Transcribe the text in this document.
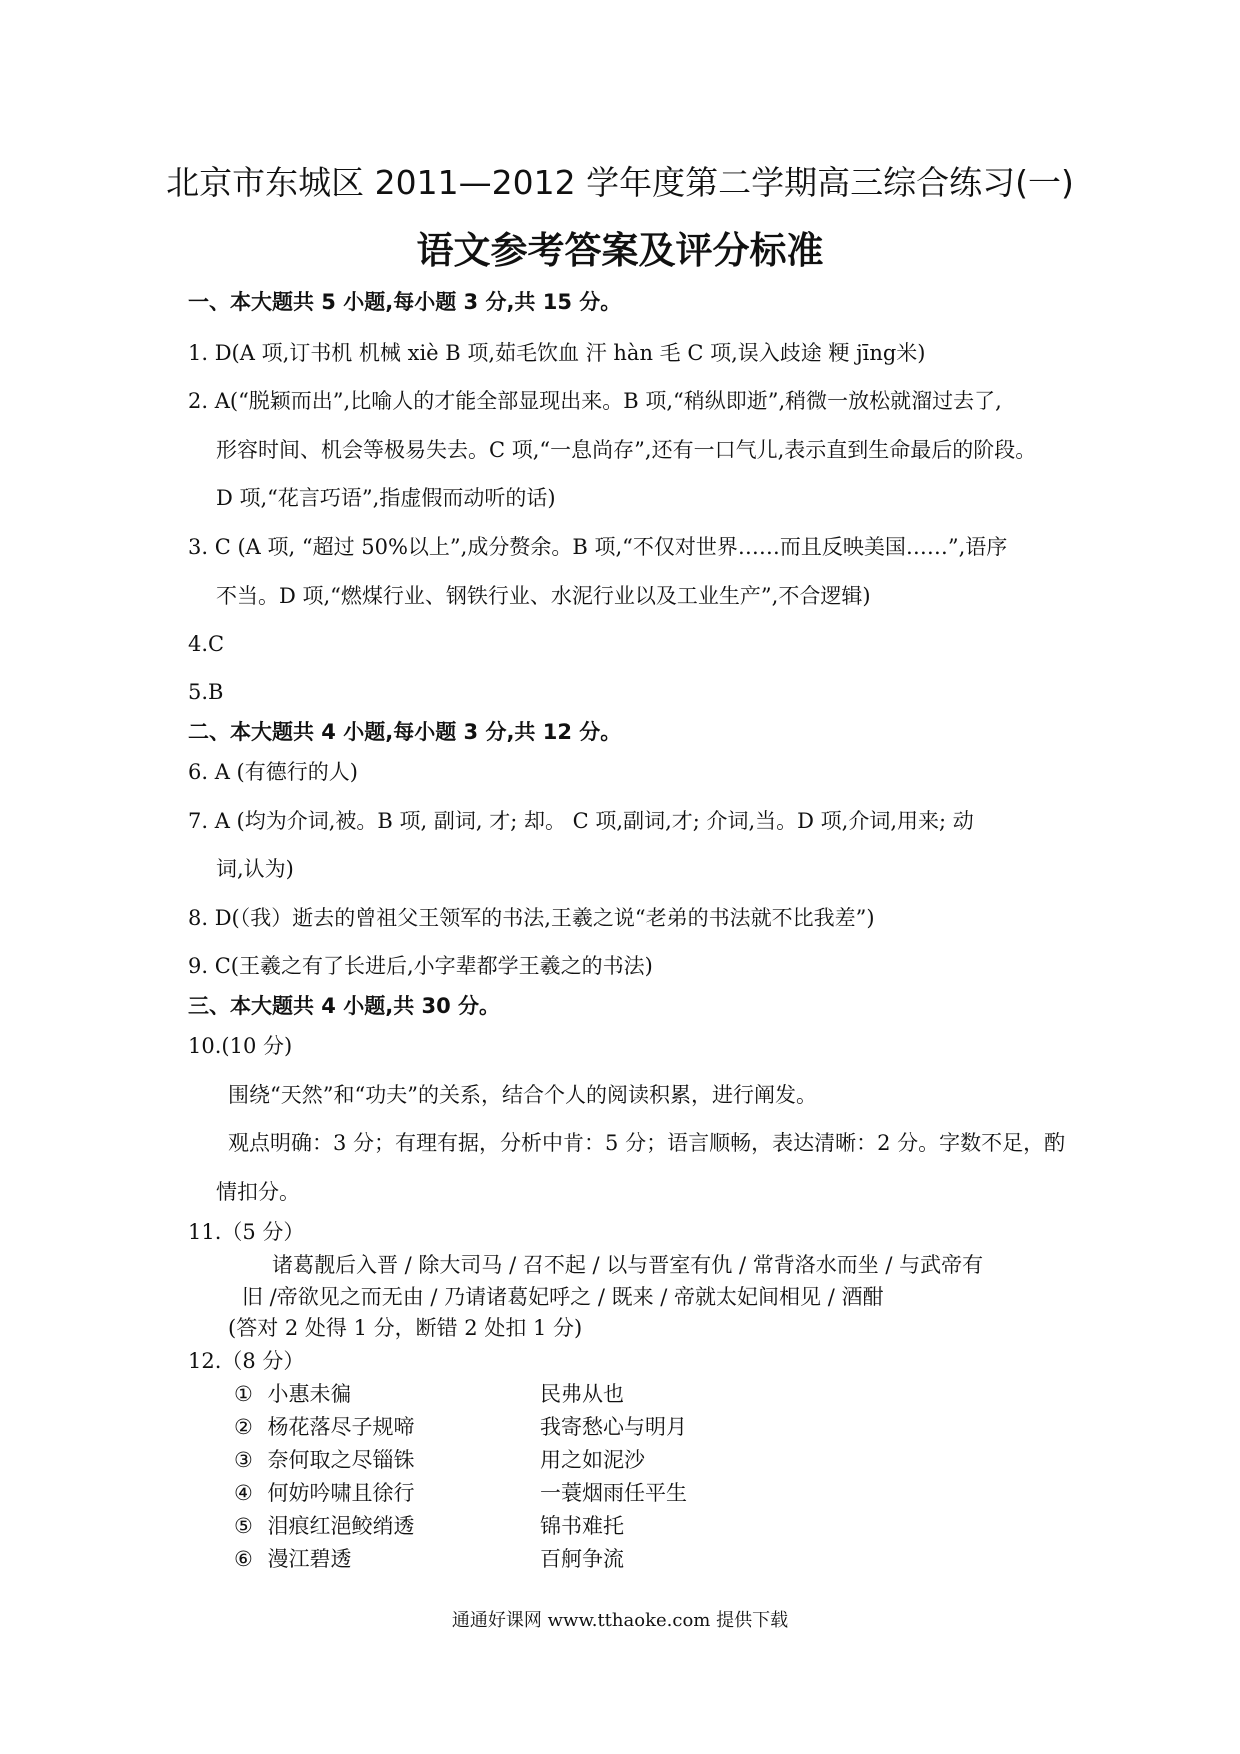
北京市东城区 2011—2012 学年度第二学期高三综合练习(一)
语文参考答案及评分标准
一、本大题共 5 小题,每小题 3 分,共 15 分。
1. D(A 项,订书机 机械 xiè B 项,茹毛饮血 汗 hàn 毛 C 项,误入歧途 粳 jīng米)
2. A(“脱颖而出”,比喻人的才能全部显现出来。B 项,“稍纵即逝”,稍微一放松就溜过去了,
形容时间、机会等极易失去。C 项,“一息尚存”,还有一口气儿,表示直到生命最后的阶段。
D 项,“花言巧语”,指虚假而动听的话)
3. C (A 项, “超过 50%以上”,成分赘余。B 项,“不仅对世界……而且反映美国……”,语序
不当。D 项,“燃煤行业、钢铁行业、水泥行业以及工业生产”,不合逻辑)
4.C
5.B
二、本大题共 4 小题,每小题 3 分,共 12 分。
6. A (有德行的人)
7. A (均为介词,被。B 项, 副词, 才; 却。 C 项,副词,才; 介词,当。D 项,介词,用来; 动
词,认为)
8. D(（我）逝去的曾祖父王领军的书法,王羲之说“老弟的书法就不比我差”)
9. C(王羲之有了长进后,小字辈都学王羲之的书法)
三、本大题共 4 小题,共 30 分。
10.(10 分)
围绕“天然”和“功夫”的关系，结合个人的阅读积累，进行阐发。
观点明确：3 分；有理有据，分析中肯：5 分；语言顺畅，表达清晰：2 分。字数不足，酌
情扣分。
11.（5 分）
诸葛靓后入晋 / 除大司马 / 召不起 / 以与晋室有仇 / 常背洛水而坐 / 与武帝有
旧 /帝欲见之而无由 / 乃请诸葛妃呼之 / 既来 / 帝就太妃间相见 / 酒酣
(答对 2 处得 1 分，断错 2 处扣 1 分)
12.（8 分）
① 小惠未徧	民弗从也
② 杨花落尽子规啼	我寄愁心与明月
③ 奈何取之尽锱铢	用之如泥沙
④ 何妨吟啸且徐行	一蓑烟雨任平生
⑤ 泪痕红浥鲛绡透	锦书难托
⑥ 漫江碧透	百舸争流
通通好课网 www.tthaoke.com 提供下载
